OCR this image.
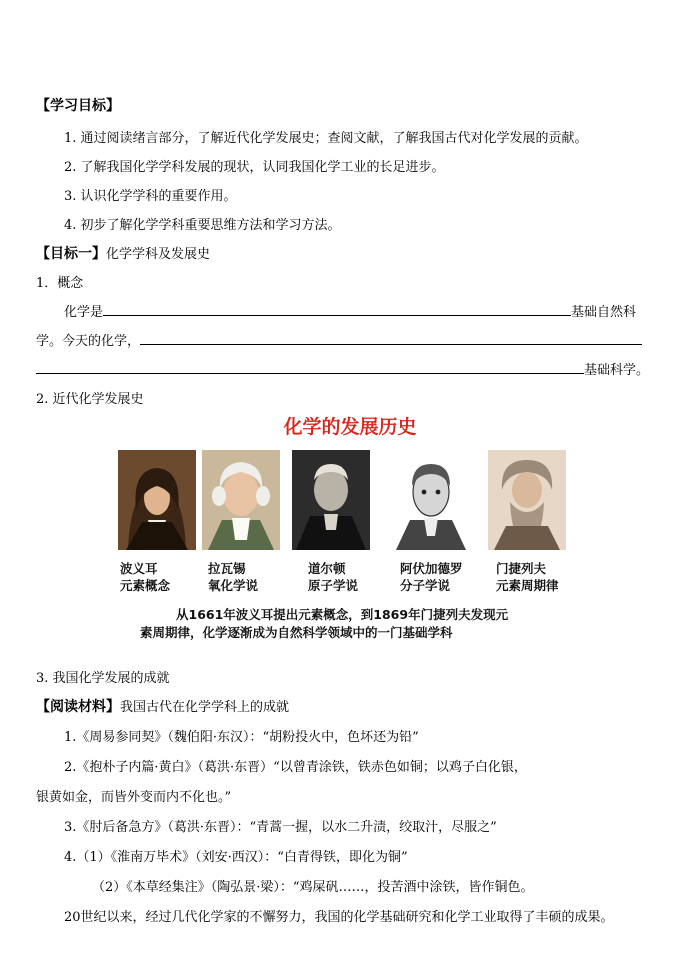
【学习目标】
1. 通过阅读绪言部分，了解近代化学发展史；查阅文献，了解我国古代对化学发展的贡献。
2. 了解我国化学学科发展的现状，认同我国化学工业的长足进步。
3. 认识化学学科的重要作用。
4. 初步了解化学学科重要思维方法和学习方法。
【目标一】化学学科及发展史
1．概念
化学是	基础自然科
学。今天的化学，
基础科学。
2. 近代化学发展史
化学的发展历史
波义耳
元素概念
拉瓦锡
氧化学说
道尔顿
原子学说
阿伏加德罗
分子学说
门捷列夫
元素周期律
从1661年波义耳提出元素概念，到1869年门捷列夫发现元
素周期律，化学逐渐成为自然科学领域中的一门基础学科
3. 我国化学发展的成就
【阅读材料】我国古代在化学学科上的成就
1.《周易参同契》（魏伯阳·东汉）：“胡粉投火中，色坏还为铅”
2.《抱朴子内篇·黄白》（葛洪·东晋）“以曾青涂铁，铁赤色如铜；以鸡子白化银，
银黄如金，而皆外变而内不化也。”
3.《肘后备急方》（葛洪·东晋）：“青蒿一握，以水二升渍，绞取汁，尽服之”
4.（1）《淮南万毕术》（刘安·西汉）：“白青得铁，即化为铜”
（2）《本草经集注》（陶弘景·梁）：“鸡屎矾……，投苦酒中涂铁，皆作铜色。
20世纪以来，经过几代化学家的不懈努力，我国的化学基础研究和化学工业取得了丰硕的成果。
